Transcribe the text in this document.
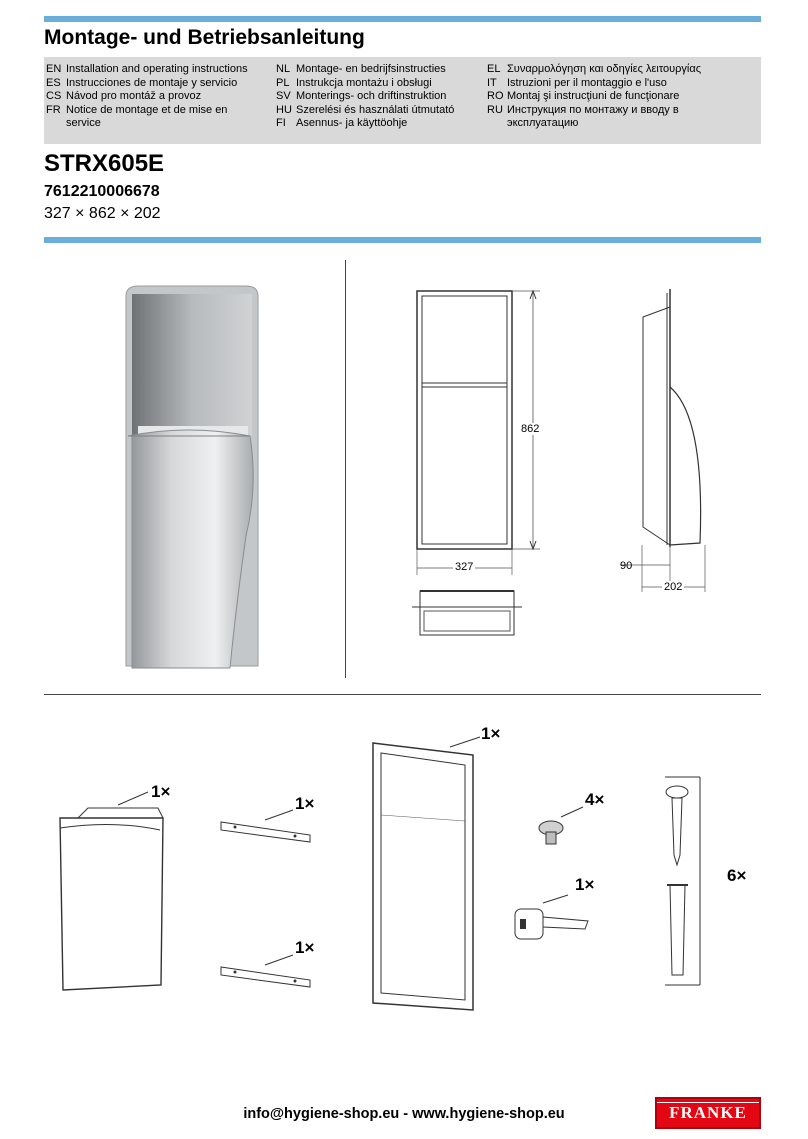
Montage- und Betriebsanleitung
EN Installation and operating instructions
ES Instrucciones de montaje y servicio
CS Návod pro montáž a provoz
FR Notice de montage et de mise en service
NL Montage- en bedrijfsinstructies
PL Instrukcja montażu i obsługi
SV Monterings- och driftinstruktion
HU Szerelési és használati útmutató
FI Asennus- ja käyttöohje
EL Συναρμολόγηση και οδηγίες λειτουργίας
IT Istruzioni per il montaggio e l'uso
RO Montaj şi instrucţiuni de funcţionare
RU Инструкция по монтажу и вводу в эксплуатацию
STRX605E
7612210006678
327 × 862 × 202
862
327	90
202
1×
1×
1×
1×
4×
1×	6×
info@hygiene-shop.eu - www.hygiene-shop.eu	FRANKE
